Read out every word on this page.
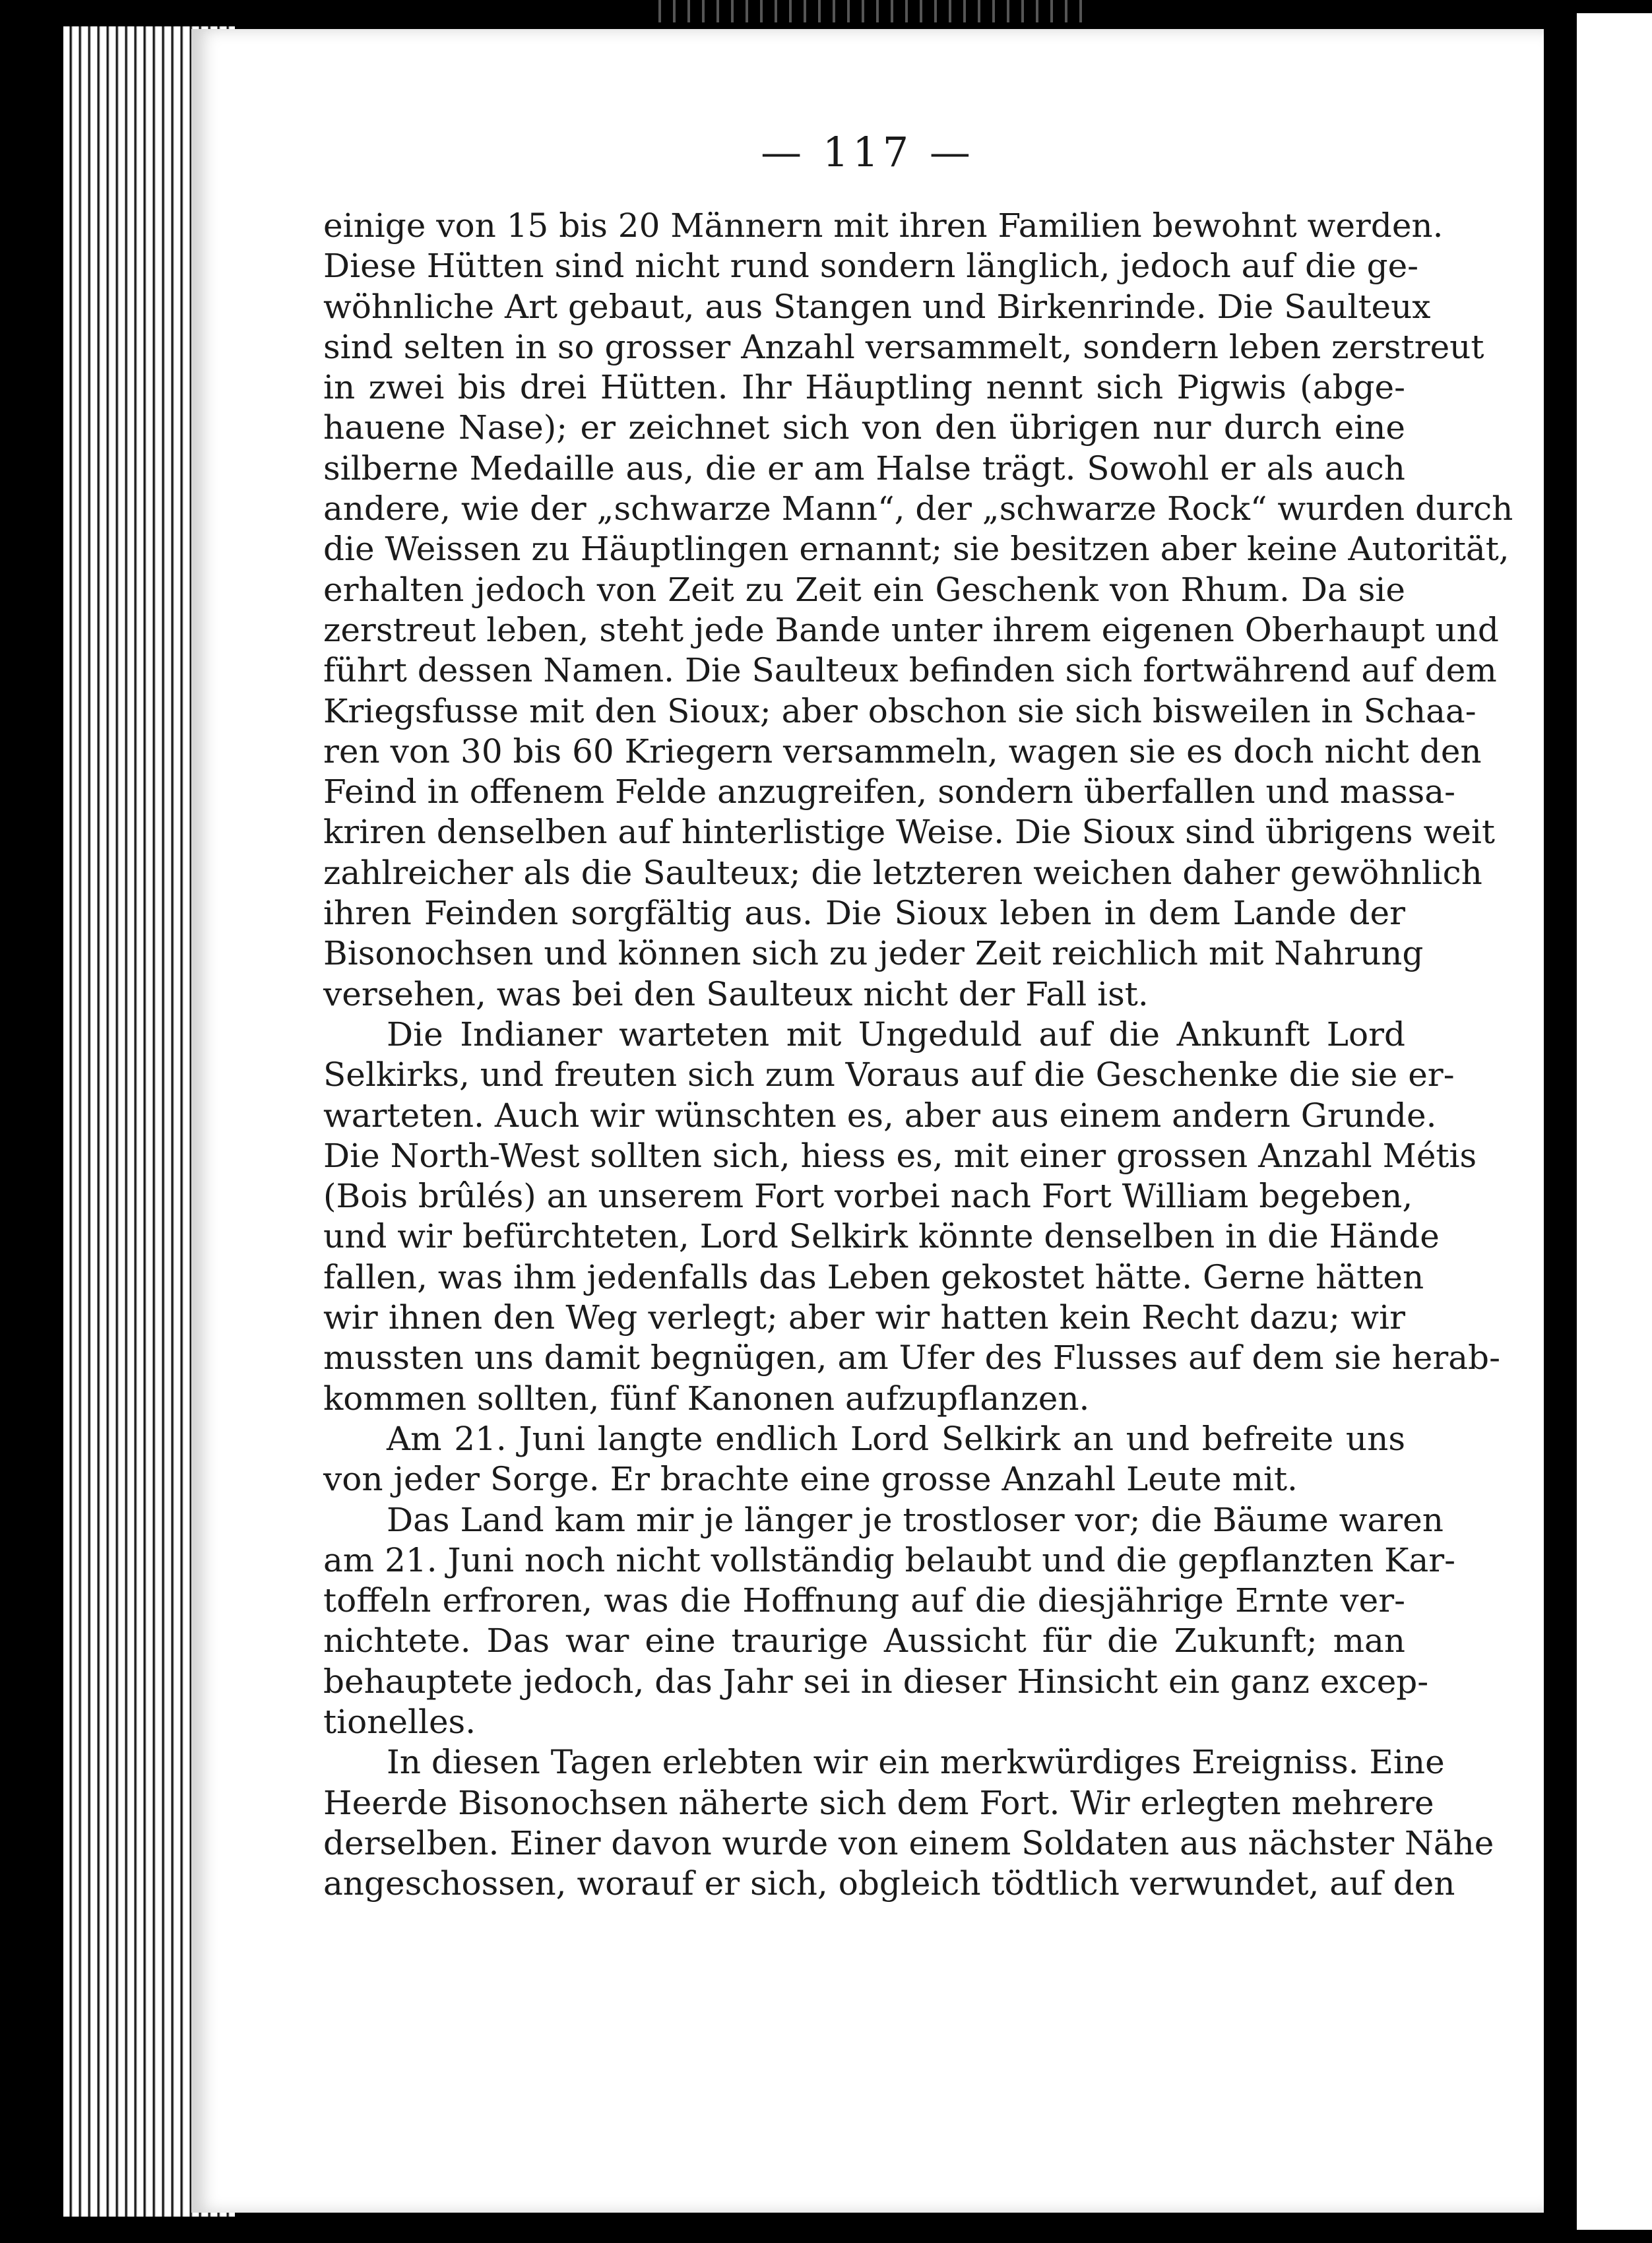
— 117 —

einige von 15 bis 20 Männern mit ihren Familien bewohnt werden.
Diese Hütten sind nicht rund sondern länglich, jedoch auf die ge-
wöhnliche Art gebaut, aus Stangen und Birkenrinde. Die Saulteux
sind selten in so grosser Anzahl versammelt, sondern leben zerstreut
in zwei bis drei Hütten. Ihr Häuptling nennt sich Pigwis (abge-
hauene Nase); er zeichnet sich von den übrigen nur durch eine
silberne Medaille aus, die er am Halse trägt. Sowohl er als auch
andere, wie der „schwarze Mann“, der „schwarze Rock“ wurden durch
die Weissen zu Häuptlingen ernannt; sie besitzen aber keine Autorität,
erhalten jedoch von Zeit zu Zeit ein Geschenk von Rhum. Da sie
zerstreut leben, steht jede Bande unter ihrem eigenen Oberhaupt und
führt dessen Namen. Die Saulteux befinden sich fortwährend auf dem
Kriegsfusse mit den Sioux; aber obschon sie sich bisweilen in Schaa-
ren von 30 bis 60 Kriegern versammeln, wagen sie es doch nicht den
Feind in offenem Felde anzugreifen, sondern überfallen und massa-
kriren denselben auf hinterlistige Weise. Die Sioux sind übrigens weit
zahlreicher als die Saulteux; die letzteren weichen daher gewöhnlich
ihren Feinden sorgfältig aus. Die Sioux leben in dem Lande der
Bisonochsen und können sich zu jeder Zeit reichlich mit Nahrung
versehen, was bei den Saulteux nicht der Fall ist.

Die Indianer warteten mit Ungeduld auf die Ankunft Lord
Selkirks, und freuten sich zum Voraus auf die Geschenke die sie er-
warteten. Auch wir wünschten es, aber aus einem andern Grunde.
Die North-West sollten sich, hiess es, mit einer grossen Anzahl Métis
(Bois brûlés) an unserem Fort vorbei nach Fort William begeben,
und wir befürchteten, Lord Selkirk könnte denselben in die Hände
fallen, was ihm jedenfalls das Leben gekostet hätte. Gerne hätten
wir ihnen den Weg verlegt; aber wir hatten kein Recht dazu; wir
mussten uns damit begnügen, am Ufer des Flusses auf dem sie herab-
kommen sollten, fünf Kanonen aufzupflanzen.

Am 21. Juni langte endlich Lord Selkirk an und befreite uns
von jeder Sorge. Er brachte eine grosse Anzahl Leute mit.

Das Land kam mir je länger je trostloser vor; die Bäume waren
am 21. Juni noch nicht vollständig belaubt und die gepflanzten Kar-
toffeln erfroren, was die Hoffnung auf die diesjährige Ernte ver-
nichtete. Das war eine traurige Aussicht für die Zukunft; man
behauptete jedoch, das Jahr sei in dieser Hinsicht ein ganz excep-
tionelles.

In diesen Tagen erlebten wir ein merkwürdiges Ereigniss. Eine
Heerde Bisonochsen näherte sich dem Fort. Wir erlegten mehrere
derselben. Einer davon wurde von einem Soldaten aus nächster Nähe
angeschossen, worauf er sich, obgleich tödtlich verwundet, auf den
